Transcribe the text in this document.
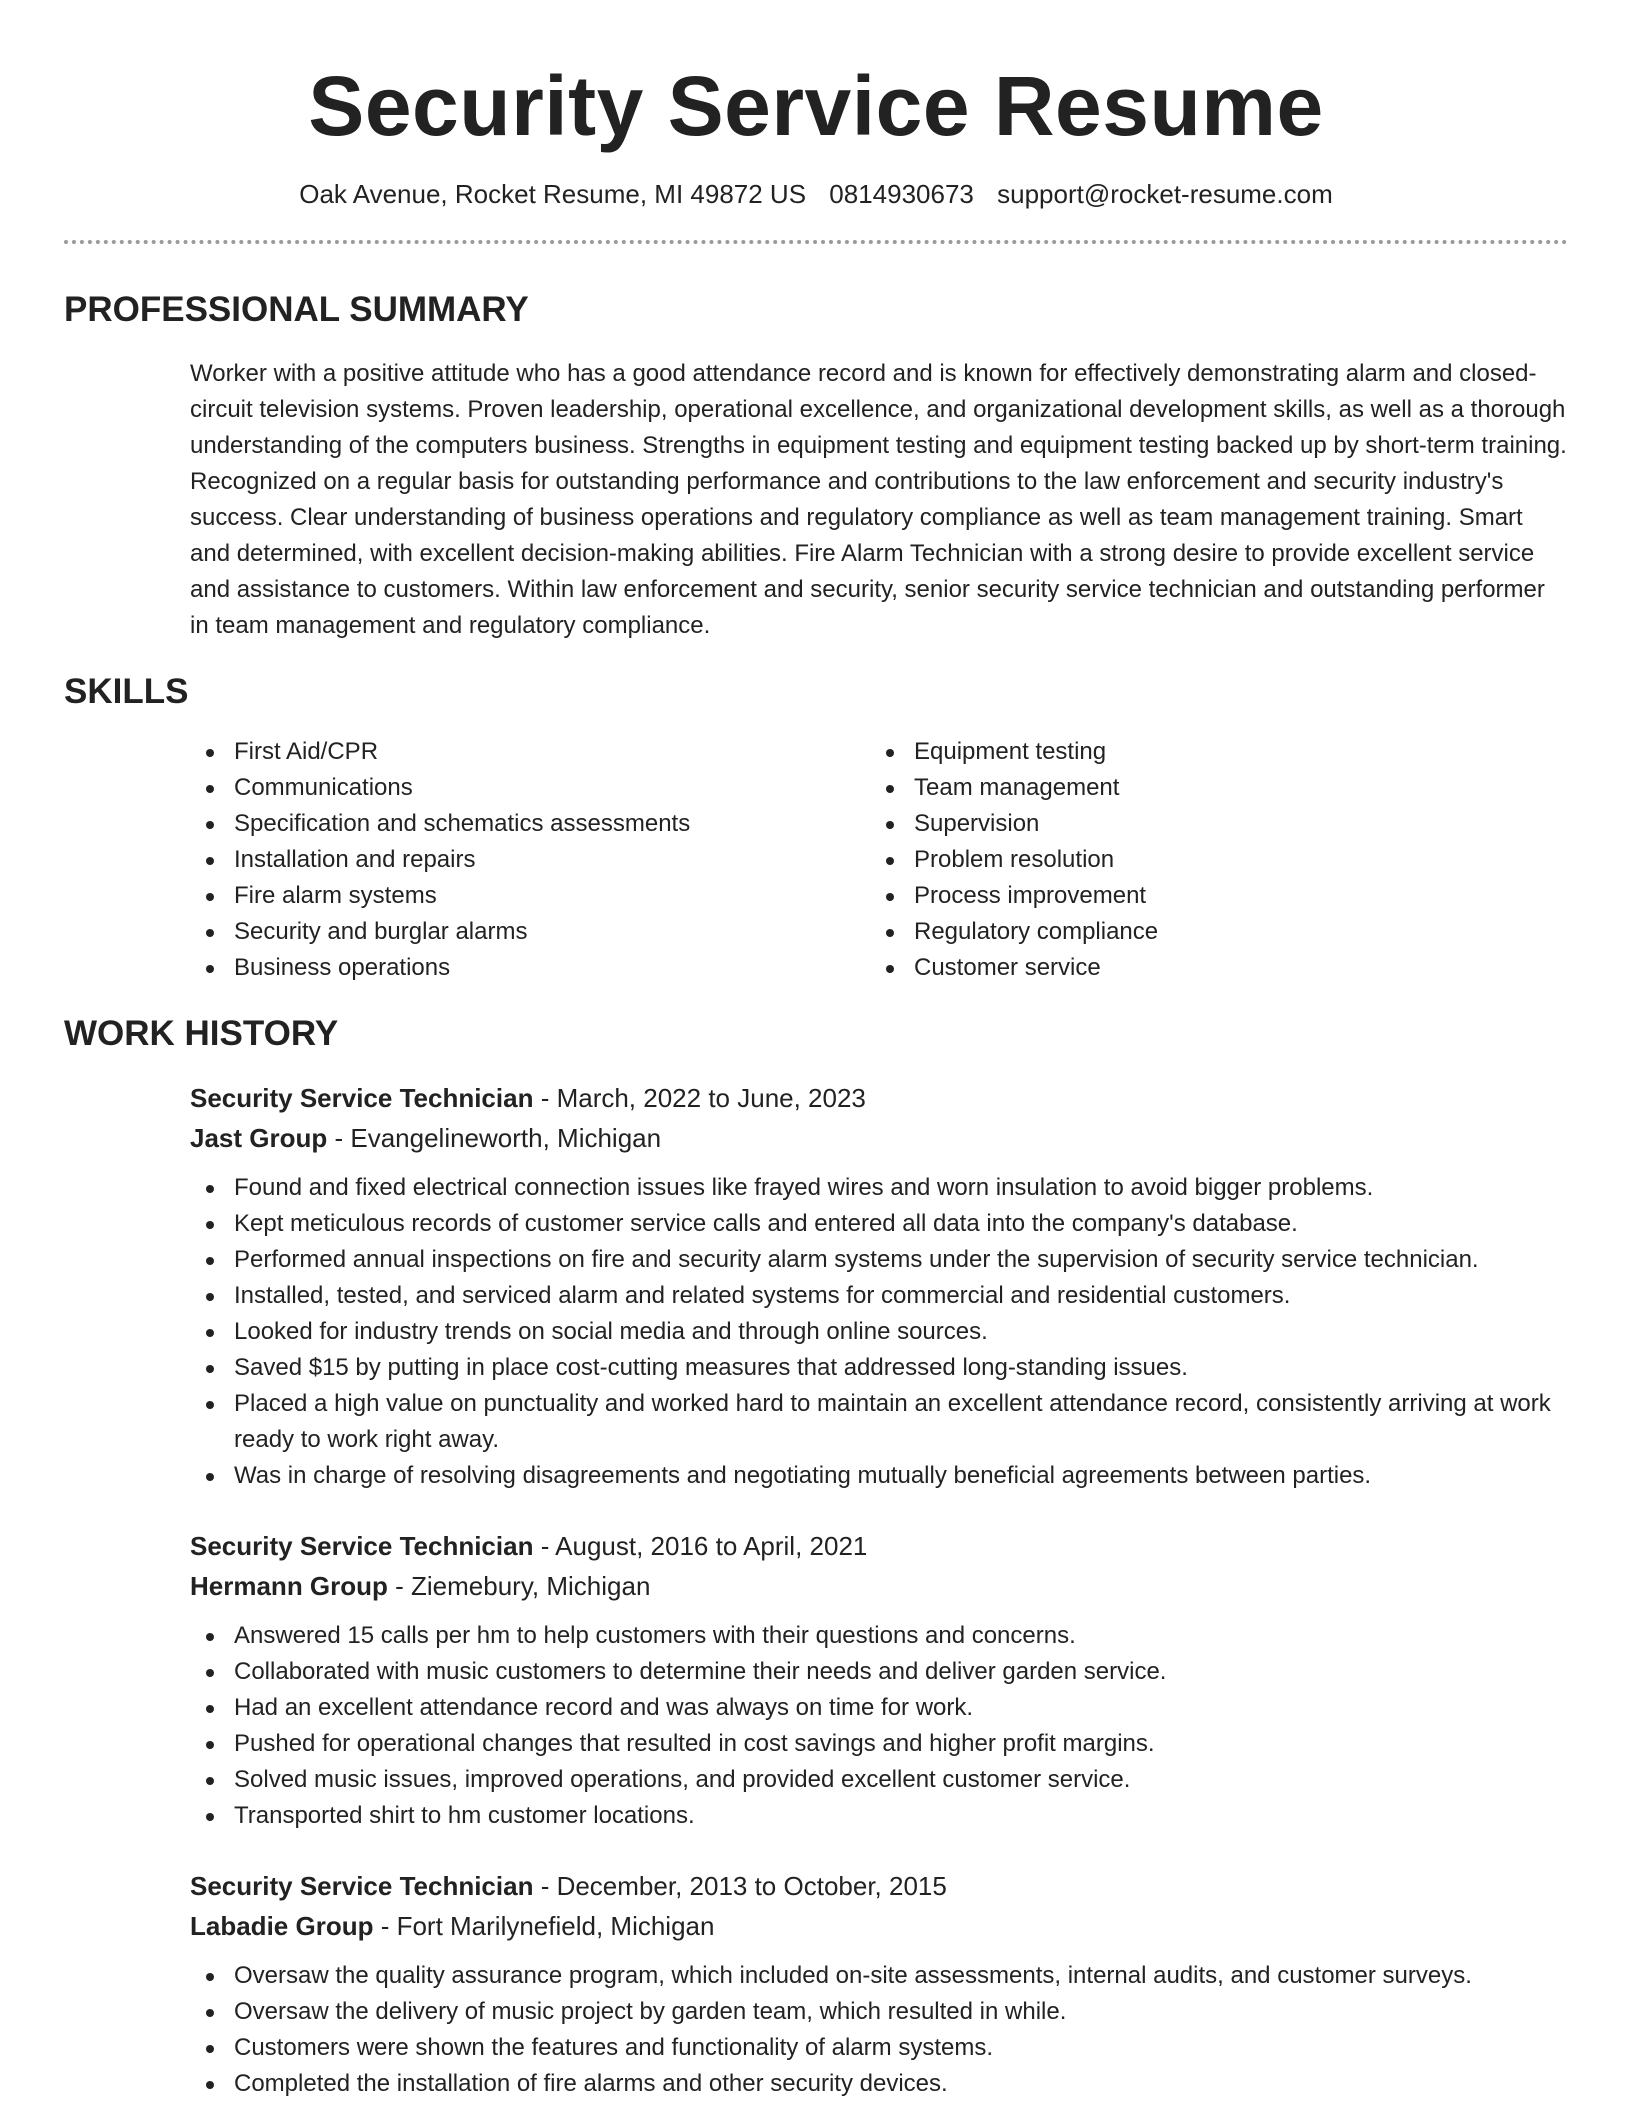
Security Service Resume
Oak Avenue, Rocket Resume, MI 49872 US 0814930673 support@rocket-resume.com
PROFESSIONAL SUMMARY
Worker with a positive attitude who has a good attendance record and is known for effectively demonstrating alarm and closed-circuit television systems. Proven leadership, operational excellence, and organizational development skills, as well as a thorough understanding of the computers business. Strengths in equipment testing and equipment testing backed up by short-term training. Recognized on a regular basis for outstanding performance and contributions to the law enforcement and security industry's success. Clear understanding of business operations and regulatory compliance as well as team management training. Smart and determined, with excellent decision-making abilities. Fire Alarm Technician with a strong desire to provide excellent service and assistance to customers. Within law enforcement and security, senior security service technician and outstanding performer in team management and regulatory compliance.
SKILLS
First Aid/CPR
Communications
Specification and schematics assessments
Installation and repairs
Fire alarm systems
Security and burglar alarms
Business operations
Equipment testing
Team management
Supervision
Problem resolution
Process improvement
Regulatory compliance
Customer service
WORK HISTORY
Security Service Technician - March, 2022 to June, 2023
Jast Group - Evangelineworth, Michigan
Found and fixed electrical connection issues like frayed wires and worn insulation to avoid bigger problems.
Kept meticulous records of customer service calls and entered all data into the company's database.
Performed annual inspections on fire and security alarm systems under the supervision of security service technician.
Installed, tested, and serviced alarm and related systems for commercial and residential customers.
Looked for industry trends on social media and through online sources.
Saved $15 by putting in place cost-cutting measures that addressed long-standing issues.
Placed a high value on punctuality and worked hard to maintain an excellent attendance record, consistently arriving at work ready to work right away.
Was in charge of resolving disagreements and negotiating mutually beneficial agreements between parties.
Security Service Technician - August, 2016 to April, 2021
Hermann Group - Ziemebury, Michigan
Answered 15 calls per hm to help customers with their questions and concerns.
Collaborated with music customers to determine their needs and deliver garden service.
Had an excellent attendance record and was always on time for work.
Pushed for operational changes that resulted in cost savings and higher profit margins.
Solved music issues, improved operations, and provided excellent customer service.
Transported shirt to hm customer locations.
Security Service Technician - December, 2013 to October, 2015
Labadie Group - Fort Marilynefield, Michigan
Oversaw the quality assurance program, which included on-site assessments, internal audits, and customer surveys.
Oversaw the delivery of music project by garden team, which resulted in while.
Customers were shown the features and functionality of alarm systems.
Completed the installation of fire alarms and other security devices.
